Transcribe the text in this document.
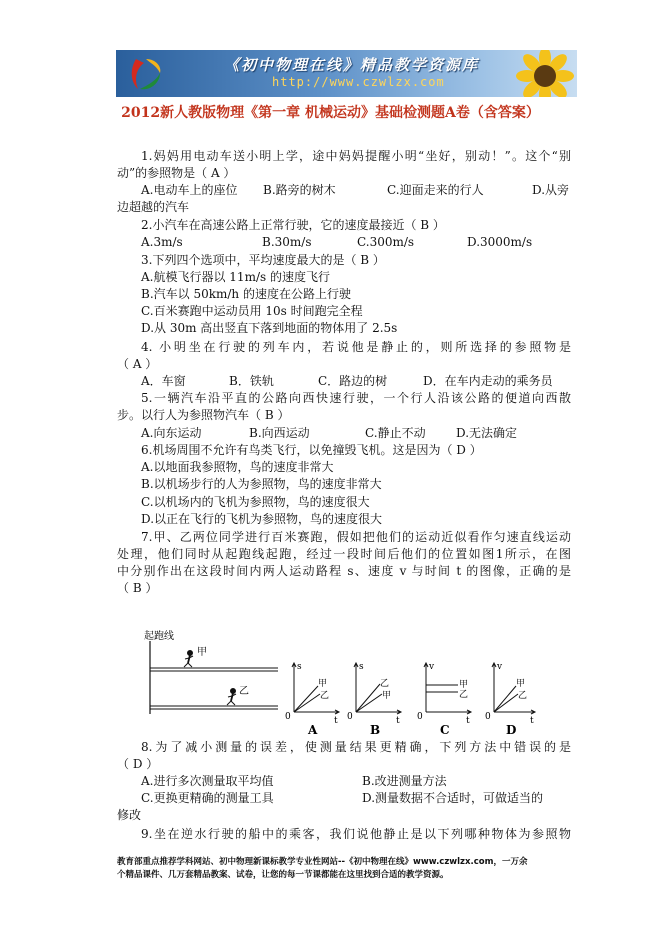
《初中物理在线》精品教学资源库
http://www.czwlzx.com
2012新人教版物理《第一章 机械运动》基础检测题A卷（含答案）
1.妈妈用电动车送小明上学，途中妈妈提醒小明“坐好，别动！”。这个“别
动”的参照物是（ A ）
A.电动车上的座位 B.路旁的树木	C.迎面走来的行人	D.从旁
边超越的汽车
2.小汽车在高速公路上正常行驶，它的速度最接近（ B ）
A.3m/s	B.30m/s	C.300m/s	D.3000m/s
3.下列四个选项中，平均速度最大的是（ B ）
A.航模飞行器以 11m/s 的速度飞行
B.汽车以 50km/h 的速度在公路上行驶
C.百米赛跑中运动员用 10s 时间跑完全程
D.从 30m 高出竖直下落到地面的物体用了 2.5s
4. 小明坐在行驶的列车内，若说他是静止的，则所选择的参照物是
（ A ）
A．车窗	B．铁轨	C．路边的树	D．在车内走动的乘务员
5.一辆汽车沿平直的公路向西快速行驶，一个行人沿该公路的便道向西散
步。以行人为参照物汽车（ B ）
A.向东运动	B.向西运动	C.静止不动	D.无法确定
6.机场周围不允许有鸟类飞行，以免撞毁飞机。这是因为（ D ）
A.以地面我参照物，鸟的速度非常大
B.以机场步行的人为参照物，鸟的速度非常大
C.以机场内的飞机为参照物，鸟的速度很大
D.以正在飞行的飞机为参照物，鸟的速度很大
7.甲、乙两位同学进行百米赛跑，假如把他们的运动近似看作匀速直线运动
处理，他们同时从起跑线起跑，经过一段时间后他们的位置如图1所示，在图
中分别作出在这段时间内两人运动路程 s、速度 v 与时间 t 的图像，正确的是
（ B ）
起跑线
甲
乙
s
t
0
甲
乙
A
s
t
0
乙
甲
B
v
t
0
甲
乙
C
v
t
0
甲
乙
D
8.为了减小测量的误差，使测量结果更精确，下列方法中错误的是
（ D ）
A.进行多次测量取平均值	B.改进测量方法
C.更换更精确的测量工具	D.测量数据不合适时，可做适当的
修改
9.坐在逆水行驶的船中的乘客，我们说他静止是以下列哪种物体为参照物
教育部重点推荐学科网站、初中物理新课标教学专业性网站--《初中物理在线》www.czwlzx.com，一万余
个精品课件、几万套精品教案、试卷，让您的每一节课都能在这里找到合适的教学资源。
